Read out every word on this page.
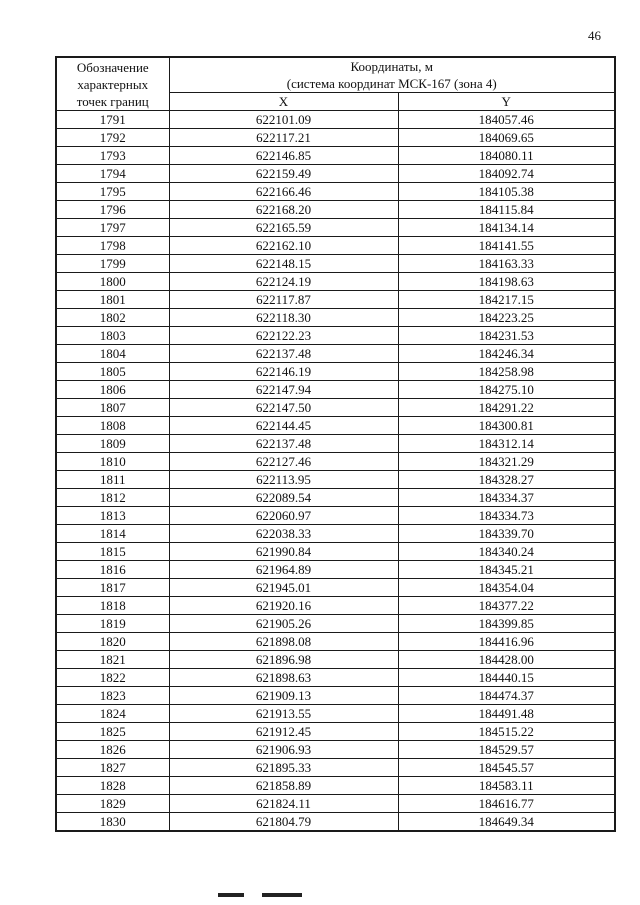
46
Обозначение
характерных
точек границ	Координаты, м
(система координат МСК-167 (зона 4)	

	X	Y
1791	622101.09	184057.46
1792	622117.21	184069.65
1793	622146.85	184080.11
1794	622159.49	184092.74
1795	622166.46	184105.38
1796	622168.20	184115.84
1797	622165.59	184134.14
1798	622162.10	184141.55
1799	622148.15	184163.33
1800	622124.19	184198.63
1801	622117.87	184217.15
1802	622118.30	184223.25
1803	622122.23	184231.53
1804	622137.48	184246.34
1805	622146.19	184258.98
1806	622147.94	184275.10
1807	622147.50	184291.22
1808	622144.45	184300.81
1809	622137.48	184312.14
1810	622127.46	184321.29
1811	622113.95	184328.27
1812	622089.54	184334.37
1813	622060.97	184334.73
1814	622038.33	184339.70
1815	621990.84	184340.24
1816	621964.89	184345.21
1817	621945.01	184354.04
1818	621920.16	184377.22
1819	621905.26	184399.85
1820	621898.08	184416.96
1821	621896.98	184428.00
1822	621898.63	184440.15
1823	621909.13	184474.37
1824	621913.55	184491.48
1825	621912.45	184515.22
1826	621906.93	184529.57
1827	621895.33	184545.57
1828	621858.89	184583.11
1829	621824.11	184616.77
1830	621804.79	184649.34
